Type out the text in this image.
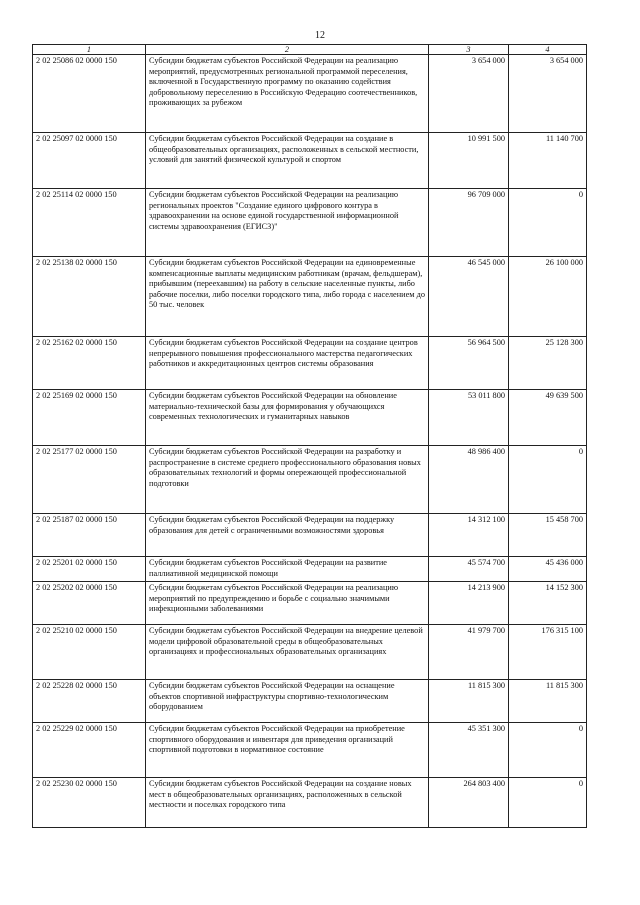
12
1	2	3	4
2 02 25086 02 0000 150	Субсидии бюджетам субъектов Российской Федерации на реализацию мероприятий, предусмотренных региональной программой переселения, включенной в Государственную программу по оказанию содействия добровольному переселению в Российскую Федерацию соотечественников, проживающих за рубежом	3 654 000	3 654 000
2 02 25097 02 0000 150	Субсидии бюджетам субъектов Российской Федерации на создание в общеобразовательных организациях, расположенных в сельской местности, условий для занятий физической культурой и спортом	10 991 500	11 140 700
2 02 25114 02 0000 150	Субсидии бюджетам субъектов Российской Федерации на реализацию региональных проектов "Создание единого цифрового контура в здравоохранении на основе единой государственной информационной системы здравоохранения (ЕГИСЗ)"	96 709 000	0
2 02 25138 02 0000 150	Субсидии бюджетам субъектов Российской Федерации на единовременные компенсационные выплаты медицинским работникам (врачам, фельдшерам), прибывшим (переехавшим) на работу в сельские населенные пункты, либо рабочие поселки, либо поселки городского типа, либо города с населением до 50 тыс. человек	46 545 000	26 100 000
2 02 25162 02 0000 150	Субсидии бюджетам субъектов Российской Федерации на создание центров непрерывного повышения профессионального мастерства педагогических работников и аккредитационных центров системы образования	56 964 500	25 128 300
2 02 25169 02 0000 150	Субсидии бюджетам субъектов Российской Федерации на обновление материально-технической базы для формирования у обучающихся современных технологических и гуманитарных навыков	53 011 800	49 639 500
2 02 25177 02 0000 150	Субсидии бюджетам субъектов Российской Федерации на разработку и распространение в системе среднего профессионального образования новых образовательных технологий и формы опережающей профессиональной подготовки	48 986 400	0
2 02 25187 02 0000 150	Субсидии бюджетам субъектов Российской Федерации на поддержку образования для детей с ограниченными возможностями здоровья	14 312 100	15 458 700
2 02 25201 02 0000 150	Субсидии бюджетам субъектов Российской Федерации на развитие паллиативной медицинской помощи	45 574 700	45 436 000
2 02 25202 02 0000 150	Субсидии бюджетам субъектов Российской Федерации на реализацию мероприятий по предупреждению и борьбе с социально значимыми инфекционными заболеваниями	14 213 900	14 152 300
2 02 25210 02 0000 150	Субсидии бюджетам субъектов Российской Федерации на внедрение целевой модели цифровой образовательной среды в общеобразовательных организациях и профессиональных образовательных организациях	41 979 700	176 315 100
2 02 25228 02 0000 150	Субсидии бюджетам субъектов Российской Федерации на оснащение объектов спортивной инфраструктуры спортивно-технологическим оборудованием	11 815 300	11 815 300
2 02 25229 02 0000 150	Субсидии бюджетам субъектов Российской Федерации на приобретение спортивного оборудования и инвентаря для приведения организаций спортивной подготовки в нормативное состояние	45 351 300	0
2 02 25230 02 0000 150	Субсидии бюджетам субъектов Российской Федерации на создание новых мест в общеобразовательных организациях, расположенных в сельской местности и поселках городского типа	264 803 400	0
